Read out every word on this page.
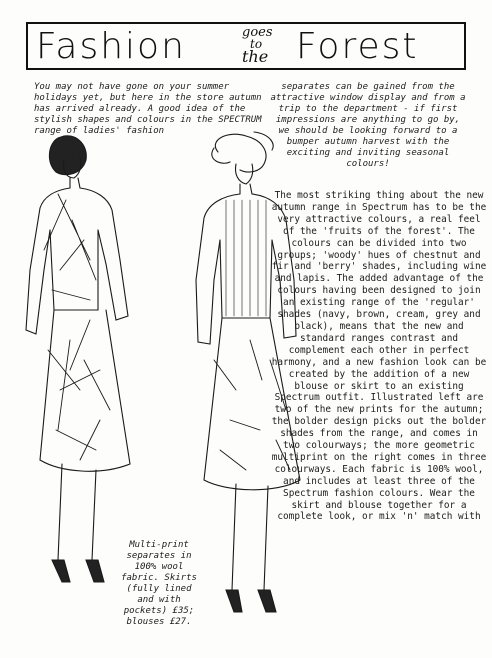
Fashion	goes
to
the Forest
You may not have gone on your summer holidays yet, but here in the store autumn has arrived already. A good idea of the stylish shapes and colours in the SPECTRUM range of ladies' fashion
separates can be gained from the attractive window display and from a trip to the department - if first impressions are anything to go by, we should be looking forward to a bumper autumn harvest with the exciting and inviting seasonal colours!
Multi-print separates in 100% wool fabric. Skirts (fully lined and with pockets) £35; blouses £27.
The most striking thing about the new autumn range in Spectrum has to be the very attractive colours, a real feel of the 'fruits of the forest'. The colours can be divided into two groups; 'woody' hues of chestnut and fir and 'berry' shades, including wine and lapis. The added advantage of the colours having been designed to join an existing range of the 'regular' shades (navy, brown, cream, grey and black), means that the new and standard ranges contrast and complement each other in perfect harmony, and a new fashion look can be created by the addition of a new blouse or skirt to an existing Spectrum outfit. Illustrated left are two of the new prints for the autumn; the bolder design picks out the bolder shades from the range, and comes in two colourways; the more geometric multiprint on the right comes in three colourways. Each fabric is 100% wool, and includes at least three of the Spectrum fashion colours. Wear the skirt and blouse together for a complete look, or mix 'n' match with
